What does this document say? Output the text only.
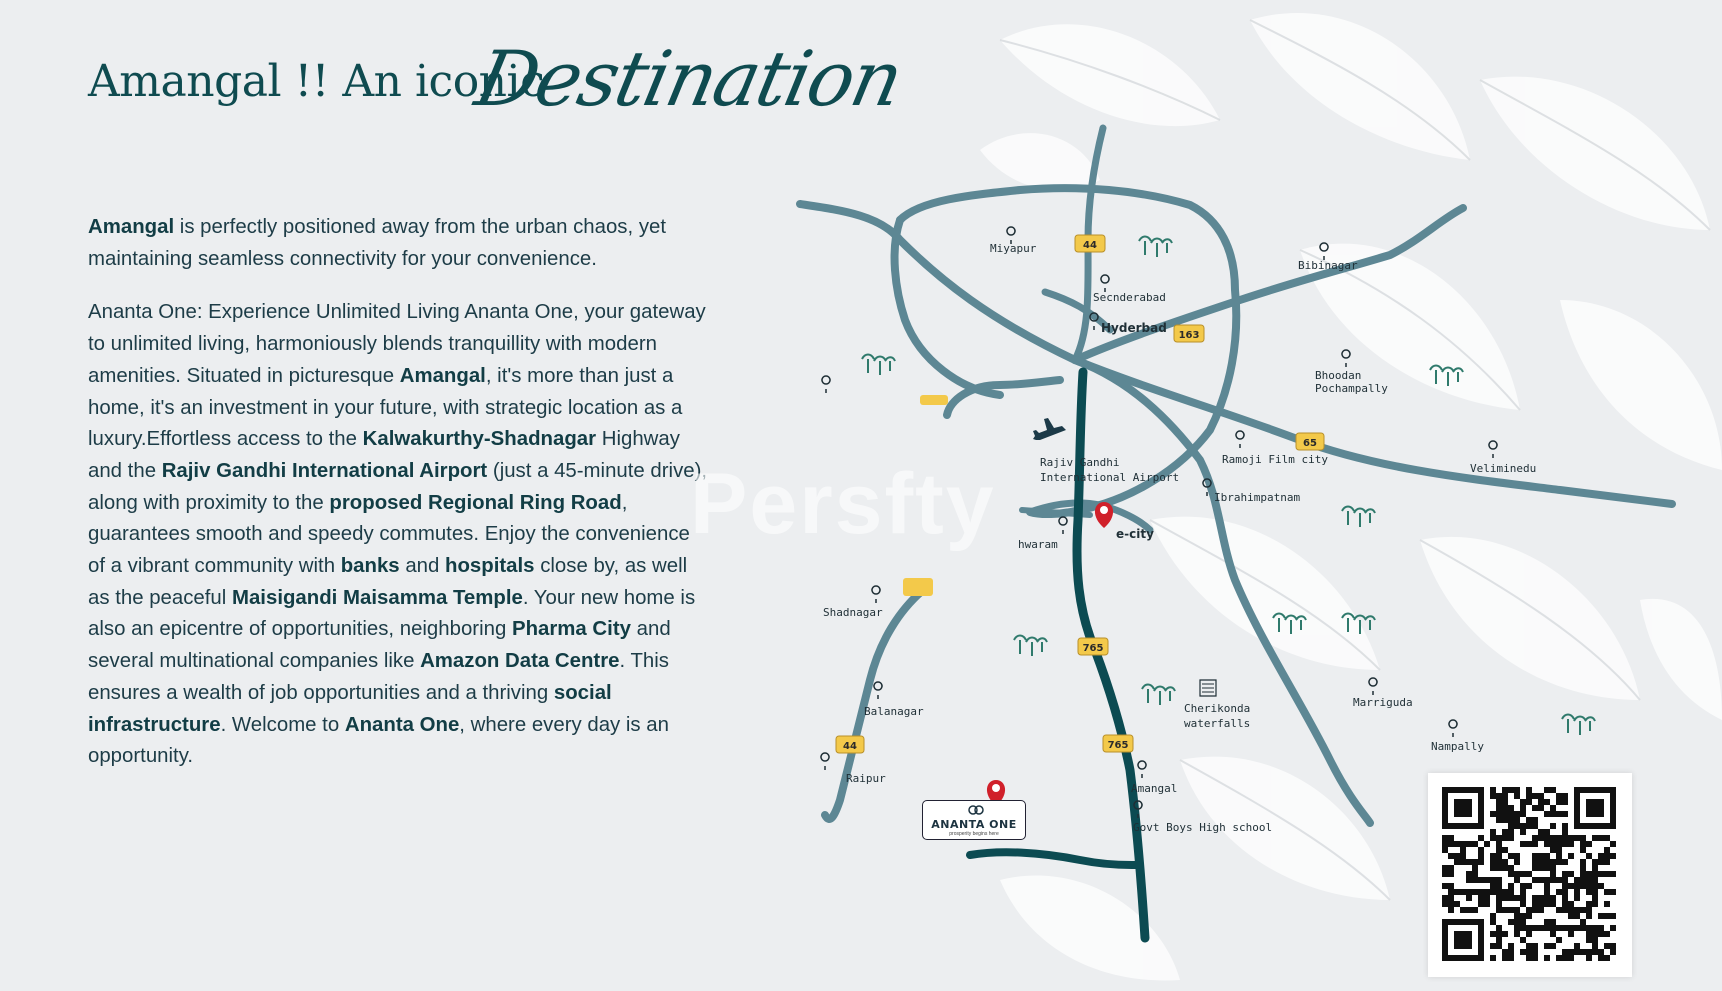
Amangal !! An iconic
Destination

Amangal is perfectly positioned away from the urban chaos, yet maintaining seamless connectivity for your convenience.

Ananta One: Experience Unlimited Living Ananta One, your gateway to unlimited living, harmoniously blends tranquillity with modern amenities. Situated in picturesque Amangal, it's more than just a home, it's an investment in your future, with strategic location as a luxury.Effortless access to the Kalwakurthy-Shadnagar Highway and the Rajiv Gandhi International Airport (just a 45-minute drive), along with proximity to the proposed Regional Ring Road, guarantees smooth and speedy commutes. Enjoy the convenience of a vibrant community with banks and hospitals close by, as well as the peaceful Maisigandi Maisamma Temple. Your new home is also an epicentre of opportunities, neighboring Pharma City and several multinational companies like Amazon Data Centre. This ensures a wealth of job opportunities and a thriving social infrastructure. Welcome to Ananta One, where every day is an opportunity.

44
163
65
765
765
44
Miyapur
Secnderabad
Hyderbad
Bibinagar
Bhoodan
Pochampally
Rajiv Gandhi
International Airport
Ramoji Film city
Veliminedu
Ibrahimpatnam
e-city
hwaram
Shadnagar
Balanagar
Raipur
Cherikonda
waterfalls
Marriguda
Nampally
Amangal
Govt Boys High school
Persfty
ANANTA ONE
prosperity begins here
